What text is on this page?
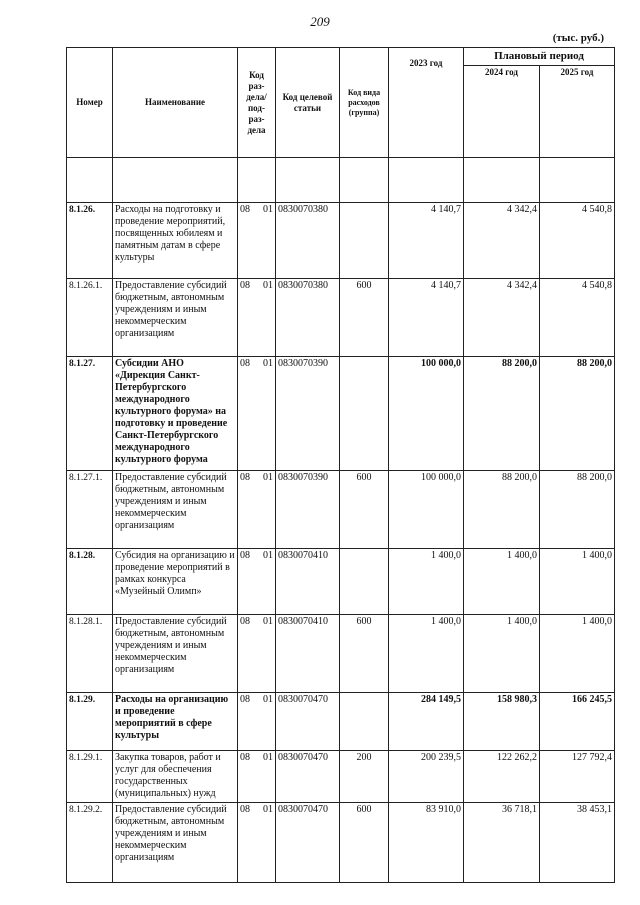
209
(тыс. руб.)
Номер	Наименование	Код раз-дела/ под-раз-дела	Код целевой статьи	Код вида расходов (группа)	2023 год	Плановый период	
						2024 год	2025 год

8.1.26.	Расходы на подготовку и проведение мероприятий, посвященных юбилеям и памятным датам в сфере культуры	08 01	0830070380		4 140,7	4 342,4	4 540,8
8.1.26.1.	Предоставление субсидий бюджетным, автономным учреждениям и иным некоммерческим организациям	08 01	0830070380	600	4 140,7	4 342,4	4 540,8
8.1.27.	Субсидии АНО «Дирекция Санкт-Петербургского международного культурного форума» на подготовку и проведение Санкт-Петербургского международного культурного форума	08 01	0830070390		100 000,0	88 200,0	88 200,0
8.1.27.1.	Предоставление субсидий бюджетным, автономным учреждениям и иным некоммерческим организациям	08 01	0830070390	600	100 000,0	88 200,0	88 200,0
8.1.28.	Субсидия на организацию и проведение мероприятий в рамках конкурса «Музейный Олимп»	08 01	0830070410		1 400,0	1 400,0	1 400,0
8.1.28.1.	Предоставление субсидий бюджетным, автономным учреждениям и иным некоммерческим организациям	08 01	0830070410	600	1 400,0	1 400,0	1 400,0
8.1.29.	Расходы на организацию и проведение мероприятий в сфере культуры	08 01	0830070470		284 149,5	158 980,3	166 245,5
8.1.29.1.	Закупка товаров, работ и услуг для обеспечения государственных (муниципальных) нужд	08 01	0830070470	200	200 239,5	122 262,2	127 792,4
8.1.29.2.	Предоставление субсидий бюджетным, автономным учреждениям и иным некоммерческим организациям	08 01	0830070470	600	83 910,0	36 718,1	38 453,1
